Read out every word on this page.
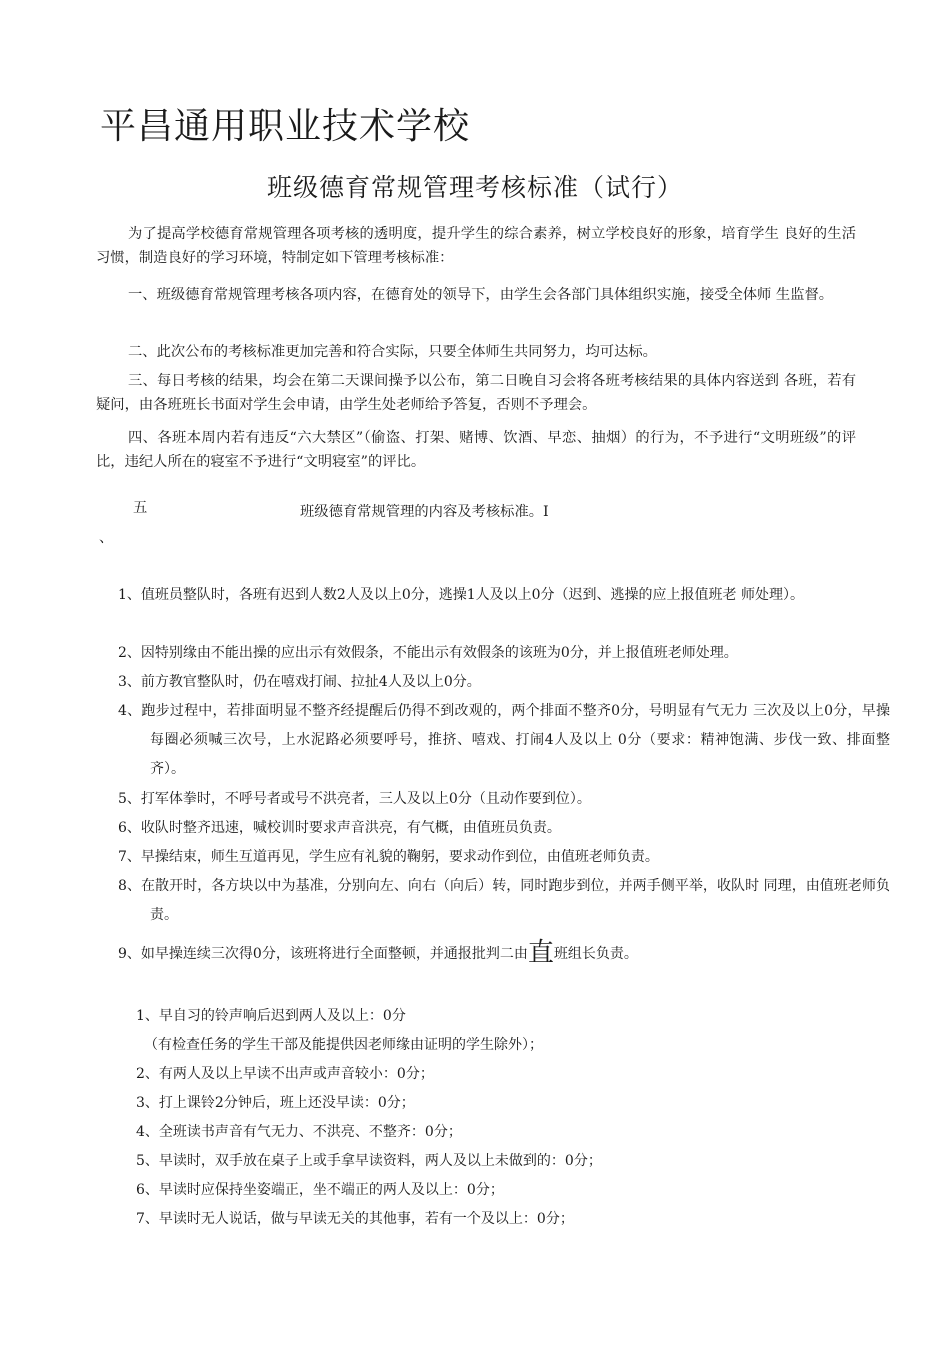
平昌通用职业技术学校
班级德育常规管理考核标准（试行）

为了提高学校德育常规管理各项考核的透明度，提升学生的综合素养，树立学校良好的形象，培育学生 良好的生活习惯，制造良好的学习环境，特制定如下管理考核标准：

一、班级德育常规管理考核各项内容，在德育处的领导下，由学生会各部门具体组织实施，接受全体师 生监督。

二、此次公布的考核标准更加完善和符合实际，只要全体师生共同努力，均可达标。

三、每日考核的结果，均会在第二天课间操予以公布，第二日晚自习会将各班考核结果的具体内容送到 各班，若有疑问，由各班班长书面对学生会申请，由学生处老师给予答复，否则不予理会。

四、各班本周内若有违反“六大禁区”（偷盗、打架、赌博、饮酒、早恋、抽烟）的行为，不予进行“文明班级”的评比，违纪人所在的寝室不予进行“文明寝室”的评比。

五
、
班级德育常规管理的内容及考核标准。I
1、值班员整队时，各班有迟到人数2人及以上0分，逃操1人及以上0分（迟到、逃操的应上报值班老 师处理）。
2、因特别缘由不能出操的应出示有效假条，不能出示有效假条的该班为0分，并上报值班老师处理。
3、前方教官整队时，仍在嘻戏打闹、拉扯4人及以上0分。
4、跑步过程中，若排面明显不整齐经提醒后仍得不到改观的，两个排面不整齐0分，号明显有气无力 三次及以上0分，早操每圈必须喊三次号，上水泥路必须要呼号，推挤、嘻戏、打闹4人及以上 0分（要求：精神饱满、步伐一致、排面整齐）。
5、打军体拳时，不呼号者或号不洪亮者，三人及以上0分（且动作要到位）。
6、收队时整齐迅速，喊校训时要求声音洪亮，有气概，由值班员负责。
7、早操结束，师生互道再见，学生应有礼貌的鞠躬，要求动作到位，由值班老师负责。
8、在散开时，各方块以中为基准，分别向左、向右（向后）转，同时跑步到位，并两手侧平举，收队时 同理，由值班老师负责。
9、如早操连续三次得0分，该班将进行全面整顿，并通报批判二由直班组长负责。
1、早自习的铃声响后迟到两人及以上：0分
（有检查任务的学生干部及能提供因老师缘由证明的学生除外）；
2、有两人及以上早读不出声或声音较小：0分；
3、打上课铃2分钟后，班上还没早读：0分；
4、全班读书声音有气无力、不洪亮、不整齐：0分；
5、早读时，双手放在桌子上或手拿早读资料，两人及以上未做到的：0分；
6、早读时应保持坐姿端正，坐不端正的两人及以上：0分；
7、早读时无人说话，做与早读无关的其他事，若有一个及以上：0分；
